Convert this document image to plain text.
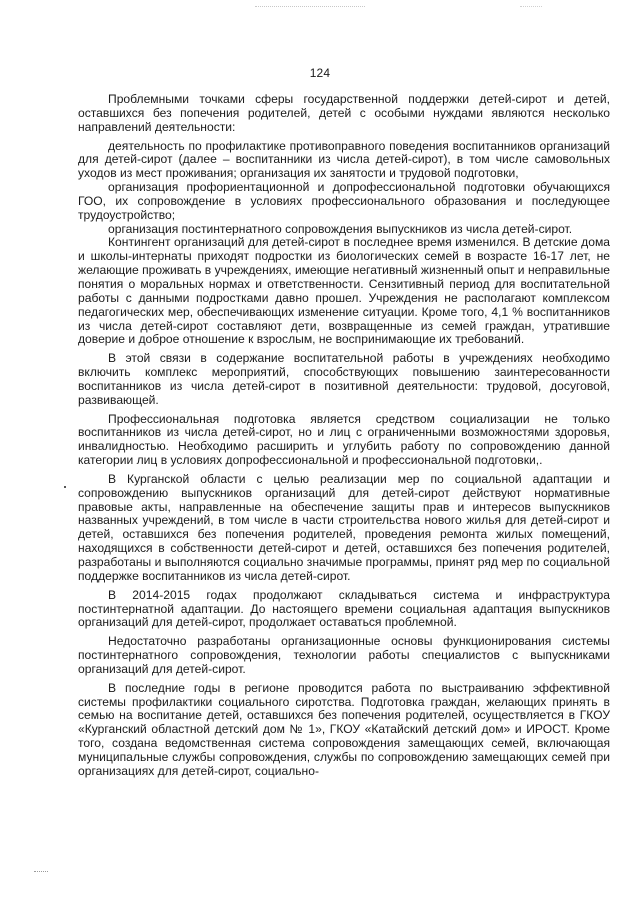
124

Проблемными точками сферы государственной поддержки детей-сирот и детей, оставшихся без попечения родителей, детей с особыми нуждами являются несколько направлений деятельности:

деятельность по профилактике противоправного поведения воспитанников организаций для детей-сирот (далее – воспитанники из числа детей-сирот), в том числе самовольных уходов из мест проживания; организация их занятости и трудовой подготовки,

организация профориентационной и допрофессиональной подготовки обучающихся ГОО, их сопровождение в условиях профессионального образования и последующее трудоустройство;

организация постинтернатного сопровождения выпускников из числа детей-сирот.

Контингент организаций для детей-сирот в последнее время изменился. В детские дома и школы-интернаты приходят подростки из биологических семей в возрасте 16-17 лет, не желающие проживать в учреждениях, имеющие негативный жизненный опыт и неправильные понятия о моральных нормах и ответственности. Сензитивный период для воспитательной работы с данными подростками давно прошел. Учреждения не располагают комплексом педагогических мер, обеспечивающих изменение ситуации. Кроме того, 4,1 % воспитанников из числа детей-сирот составляют дети, возвращенные из семей граждан, утратившие доверие и доброе отношение к взрослым, не воспринимающие их требований.

В этой связи в содержание воспитательной работы в учреждениях необходимо включить комплекс мероприятий, способствующих повышению заинтересованности воспитанников из числа детей-сирот в позитивной деятельности: трудовой, досуговой, развивающей.

Профессиональная подготовка является средством социализации не только воспитанников из числа детей-сирот, но и лиц с ограниченными возможностями здоровья, инвалидностью. Необходимо расширить и углубить работу по сопровождению данной категории лиц в условиях допрофессиональной и профессиональной подготовки,.

В Курганской области с целью реализации мер по социальной адаптации и сопровождению выпускников организаций для детей-сирот действуют нормативные правовые акты, направленные на обеспечение защиты прав и интересов выпускников названных учреждений, в том числе в части строительства нового жилья для детей-сирот и детей, оставшихся без попечения родителей, проведения ремонта жилых помещений, находящихся в собственности детей-сирот и детей, оставшихся без попечения родителей, разработаны и выполняются социально значимые программы, принят ряд мер по социальной поддержке воспитанников из числа детей-сирот.

В 2014-2015 годах продолжают складываться система и инфраструктура постинтернатной адаптации. До настоящего времени социальная адаптация выпускников организаций для детей-сирот, продолжает оставаться проблемной.

Недостаточно разработаны организационные основы функционирования системы постинтернатного сопровождения, технологии работы специалистов с выпускниками организаций для детей-сирот.

В последние годы в регионе проводится работа по выстраиванию эффективной системы профилактики социального сиротства. Подготовка граждан, желающих принять в семью на воспитание детей, оставшихся без попечения родителей, осуществляется в ГКОУ «Курганский областной детский дом № 1», ГКОУ «Катайский детский дом» и ИРОСТ. Кроме того, создана ведомственная система сопровождения замещающих семей, включающая муниципальные службы сопровождения, службы по сопровождению замещающих семей при организациях для детей-сирот, социально-
